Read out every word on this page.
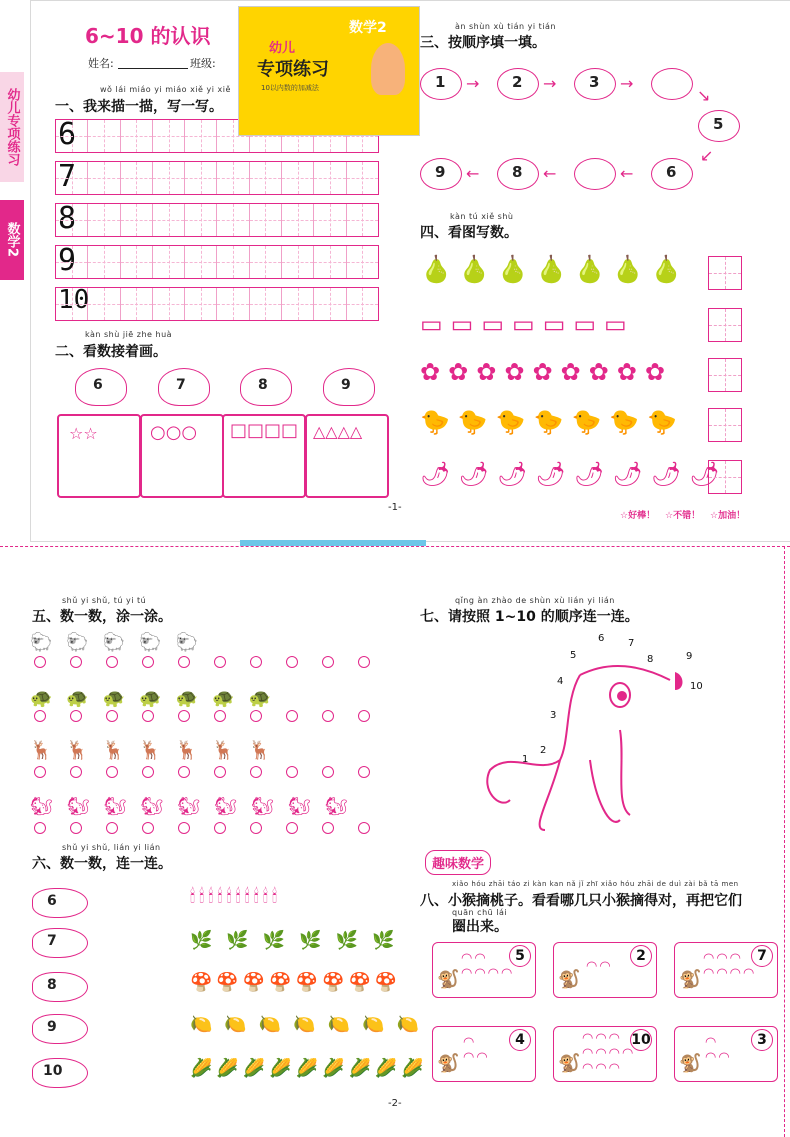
幼儿专项练习
数学2
6~10 的认识
姓名:	班级:
wǒ lái miáo yi miáo xiě yi xiě
一、我来描一描，写一写。
6
7
8
9
10
kàn shù jiē zhe huà
二、看数接着画。
6	7	8	9
☆☆	○○○ □□□□ △△△△
数学2
幼儿
专项练习
10以内数的加减法
àn shùn xù tián yi tián
三、按顺序填一填。
1	2	3
5
6
8
9
→	→	→
↘
↙
←
←
←
kàn tú xiě shù
四、看图写数。
🍐🍐🍐🍐🍐🍐🍐
▭▭▭▭▭▭▭
✿✿✿✿✿✿✿✿✿
🐤🐤🐤🐤🐤🐤🐤
🌶🌶🌶🌶🌶🌶🌶🌶
-1-
☆好棒！ ☆不错！ ☆加油！
shǔ yi shǔ, tú yi tú
五、数一数，涂一涂。
🐑🐑🐑🐑🐑
🐢🐢🐢🐢🐢🐢🐢
🦌🦌🦌🦌🦌🦌🦌
🐿🐿🐿🐿🐿🐿🐿🐿🐿
shǔ yi shǔ, lián yi lián
六、数一数，连一连。
6
7
8
9
10
🕯🕯🕯🕯🕯🕯🕯🕯🕯🕯
🌿🌿🌿🌿🌿🌿
🍄🍄🍄🍄🍄🍄🍄🍄
🍋🍋🍋🍋🍋🍋🍋
🌽🌽🌽🌽🌽🌽🌽🌽🌽
qǐng àn zhào de shùn xù lián yi lián
七、请按照 1~10 的顺序连一连。
1
2
3
4
5
6 7
8	9
10
趣味数学
xiǎo hóu zhāi táo zi kàn kan nǎ jǐ zhī xiǎo hóu zhāi de duì zài bǎ tā men
八、小猴摘桃子。看看哪几只小猴摘得对，再把它们
quān chū lái
圈出来。
5
🐒
◠◠
◠◠◠◠
2
🐒
◠◠
7
🐒
◠◠◠
◠◠◠◠
4
🐒
◠
◠◠
10
🐒
◠◠◠
◠◠◠◠
◠◠◠
3
🐒
◠
◠◠
-2-
